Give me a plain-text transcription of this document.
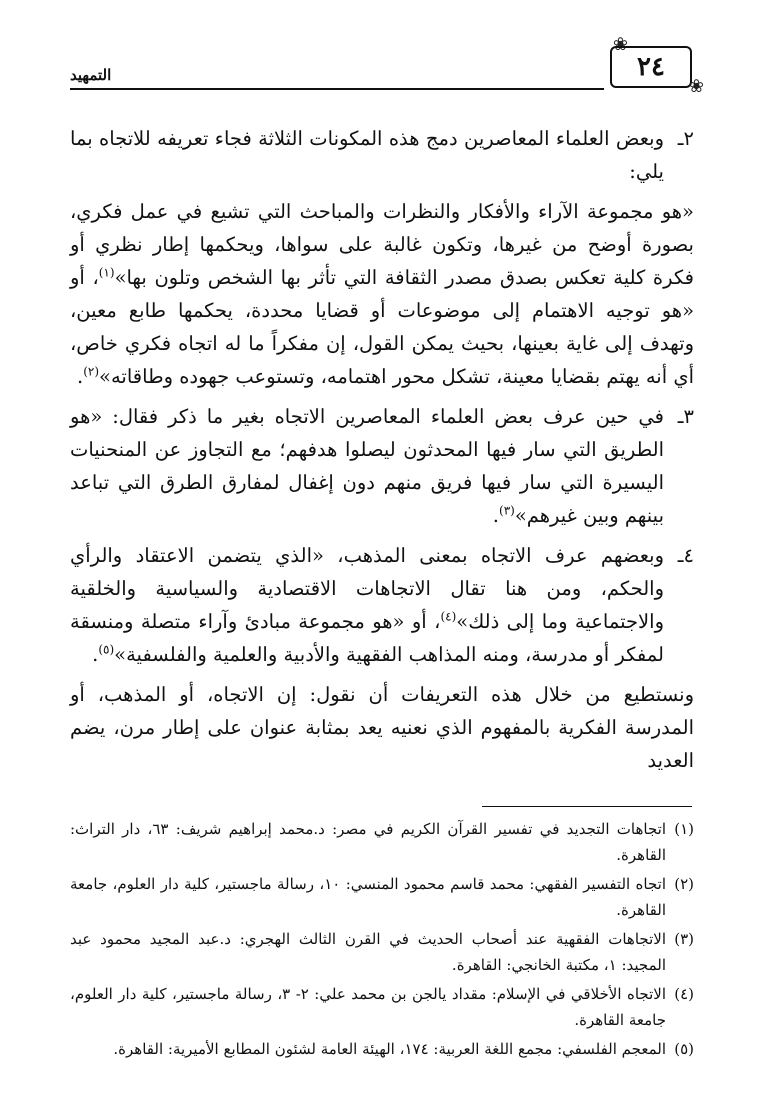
❀
٢٤
❀
التمهيد
٢ـ
وبعض العلماء المعاصرين دمج هذه المكونات الثلاثة فجاء تعريفه للاتجاه بما يلي:

«هو مجموعة الآراء والأفكار والنظرات والمباحث التي تشيع في عمل فكري، بصورة أوضح من غيرها، وتكون غالبة على سواها، ويحكمها إطار نظري أو فكرة كلية تعكس بصدق مصدر الثقافة التي تأثر بها الشخص وتلون بها»$^{(١)}$، أو «هو توجيه الاهتمام إلى موضوعات أو قضايا محددة، يحكمها طابع معين، وتهدف إلى غاية بعينها، بحيث يمكن القول، إن مفكراً ما له اتجاه فكري خاص، أي أنه يهتم بقضايا معينة، تشكل محور اهتمامه، وتستوعب جهوده وطاقاته»$^{(٢)}$.

٣ـ
في حين عرف بعض العلماء المعاصرين الاتجاه بغير ما ذكر فقال: «هو الطريق التي سار فيها المحدثون ليصلوا هدفهم؛ مع التجاوز عن المنحنيات اليسيرة التي سار فيها فريق منهم دون إغفال لمفارق الطرق التي تباعد بينهم وبين غيرهم»$^{(٣)}$.
٤ـ
وبعضهم عرف الاتجاه بمعنى المذهب، «الذي يتضمن الاعتقاد والرأي والحكم، ومن هنا تقال الاتجاهات الاقتصادية والسياسية والخلقية والاجتماعية وما إلى ذلك»$^{(٤)}$، أو «هو مجموعة مبادئ وآراء متصلة ومنسقة لمفكر أو مدرسة، ومنه المذاهب الفقهية والأدبية والعلمية والفلسفية»$^{(٥)}$.

ونستطيع من خلال هذه التعريفات أن نقول: إن الاتجاه، أو المذهب، أو المدرسة الفكرية بالمفهوم الذي نعنيه يعد بمثابة عنوان على إطار مرن، يضم العديد

(١)
اتجاهات التجديد في تفسير القرآن الكريم في مصر: د.محمد إبراهيم شريف: ٦٣، دار التراث: القاهرة.
(٢)
اتجاه التفسير الفقهي: محمد قاسم محمود المنسي: ١٠، رسالة ماجستير، كلية دار العلوم، جامعة القاهرة.
(٣)
الاتجاهات الفقهية عند أصحاب الحديث في القرن الثالث الهجري: د.عبد المجيد محمود عبد المجيد: ١، مكتبة الخانجي: القاهرة.
(٤)
الاتجاه الأخلاقي في الإسلام: مقداد يالجن بن محمد علي: ٢- ٣، رسالة ماجستير، كلية دار العلوم، جامعة القاهرة.
(٥)
المعجم الفلسفي: مجمع اللغة العربية: ١٧٤، الهيئة العامة لشئون المطابع الأميرية: القاهرة.
